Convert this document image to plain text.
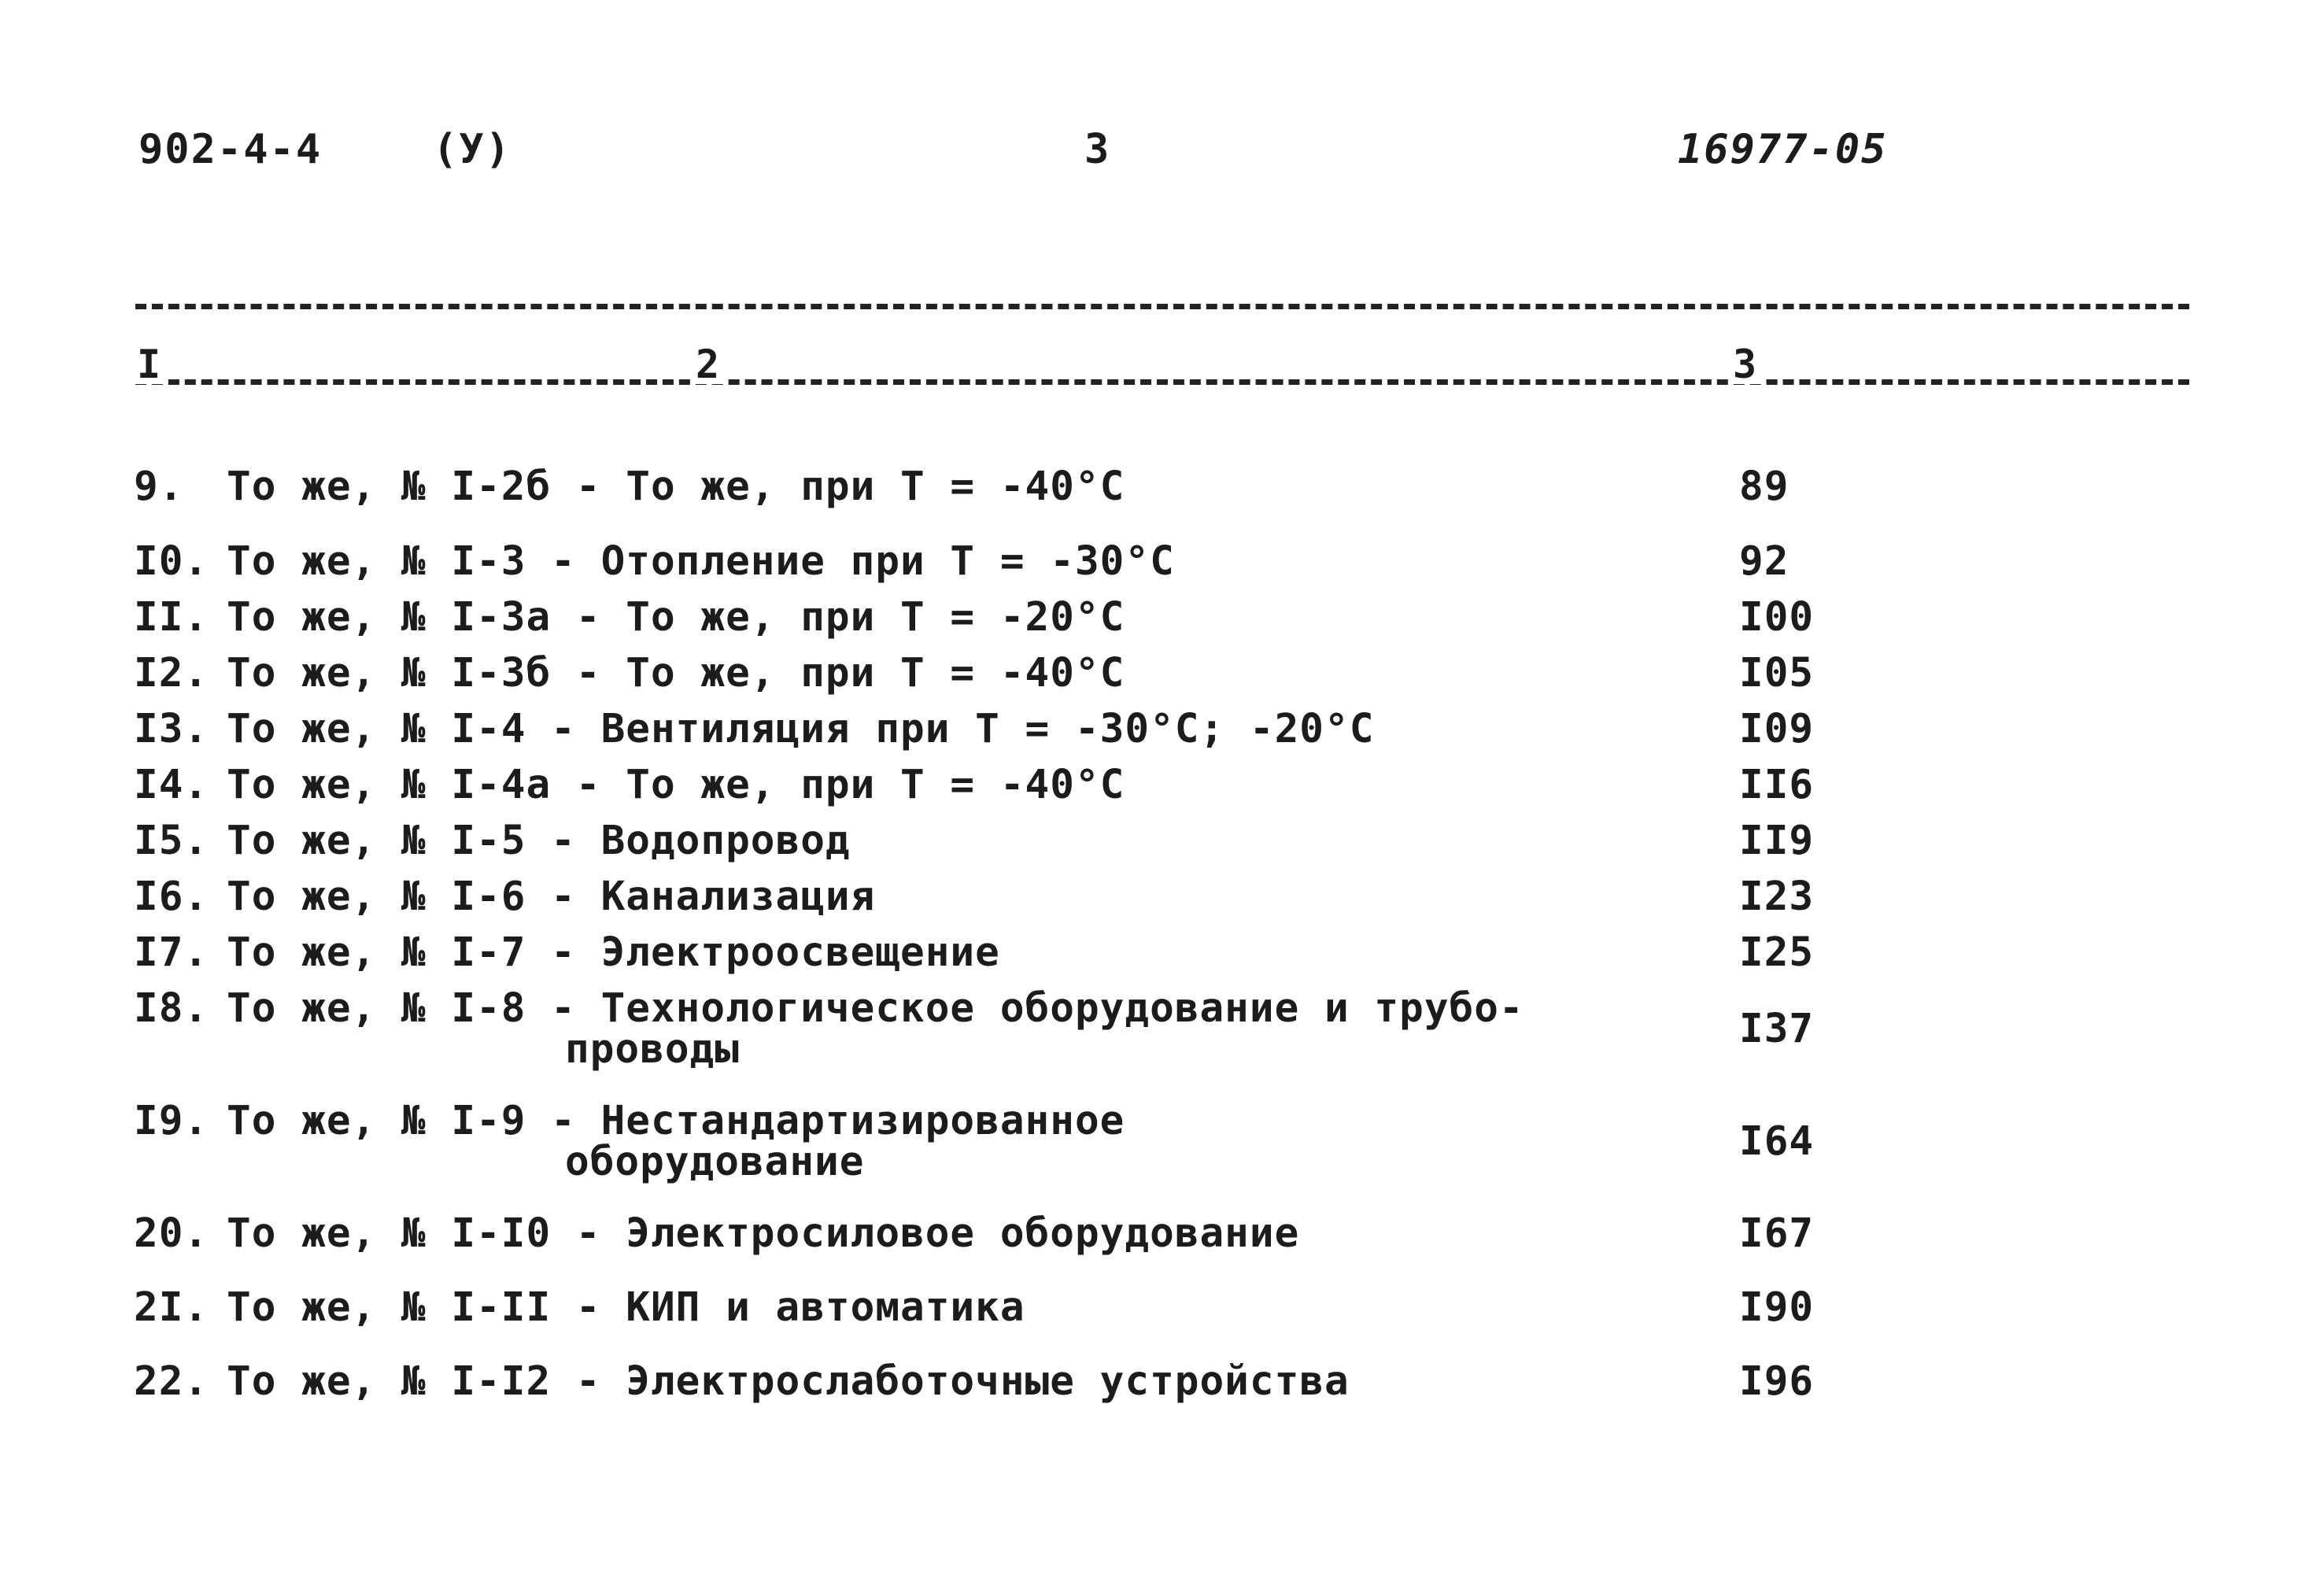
902-4-4	(У)	3	16977-05
I	2	3
9. То же, № I-2б - То же, при Т = -40°С	89
I0. То же, № I-3 - Отопление при Т = -30°С	92
II. То же, № I-3а - То же, при Т = -20°С	I00
I2. То же, № I-3б - То же, при Т = -40°С	I05
I3. То же, № I-4 - Вентиляция при Т = -30°С; -20°С	I09
I4. То же, № I-4а - То же, при Т = -40°С	II6
I5. То же, № I-5 - Водопровод	II9
I6. То же, № I-6 - Канализация	I23
I7. То же, № I-7 - Электроосвещение	I25
I8. То же, № I-8 - Технологическое оборудование и трубо-
проводы	I37
I9. То же, № I-9 - Нестандартизированное
оборудование	I64
20. То же, № I-I0 - Электросиловое оборудование	I67
2I. То же, № I-II - КИП и автоматика	I90
22. То же, № I-I2 - Электрослаботочные устройства	I96
